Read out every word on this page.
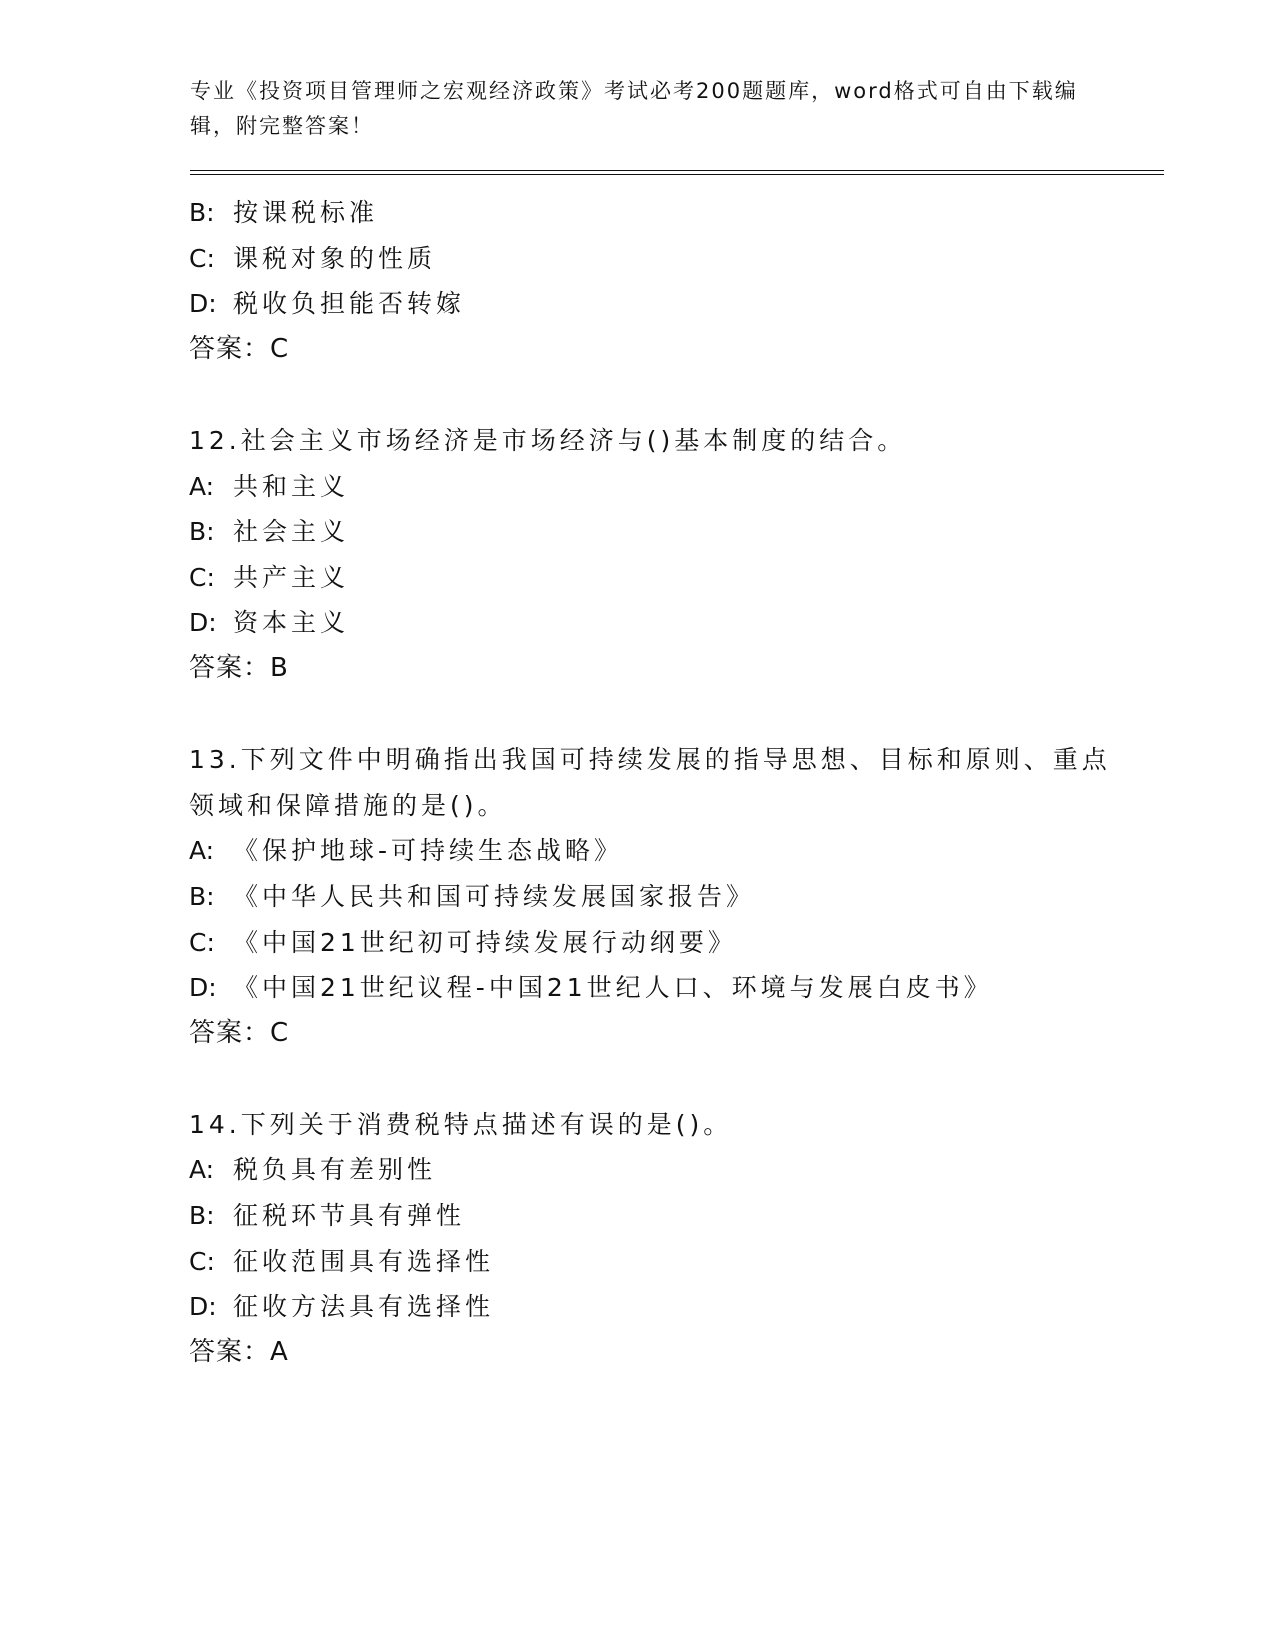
专业《投资项目管理师之宏观经济政策》考试必考200题题库，word格式可自由下载编辑，附完整答案！
B: 按课税标准
C: 课税对象的性质
D: 税收负担能否转嫁
答案：C
12.社会主义市场经济是市场经济与()基本制度的结合。
A: 共和主义
B: 社会主义
C: 共产主义
D: 资本主义
答案：B
13.下列文件中明确指出我国可持续发展的指导思想、目标和原则、重点领域和保障措施的是()。
A: 《保护地球-可持续生态战略》
B: 《中华人民共和国可持续发展国家报告》
C: 《中国21世纪初可持续发展行动纲要》
D: 《中国21世纪议程-中国21世纪人口、环境与发展白皮书》
答案：C
14.下列关于消费税特点描述有误的是()。
A: 税负具有差别性
B: 征税环节具有弹性
C: 征收范围具有选择性
D: 征收方法具有选择性
答案：A
